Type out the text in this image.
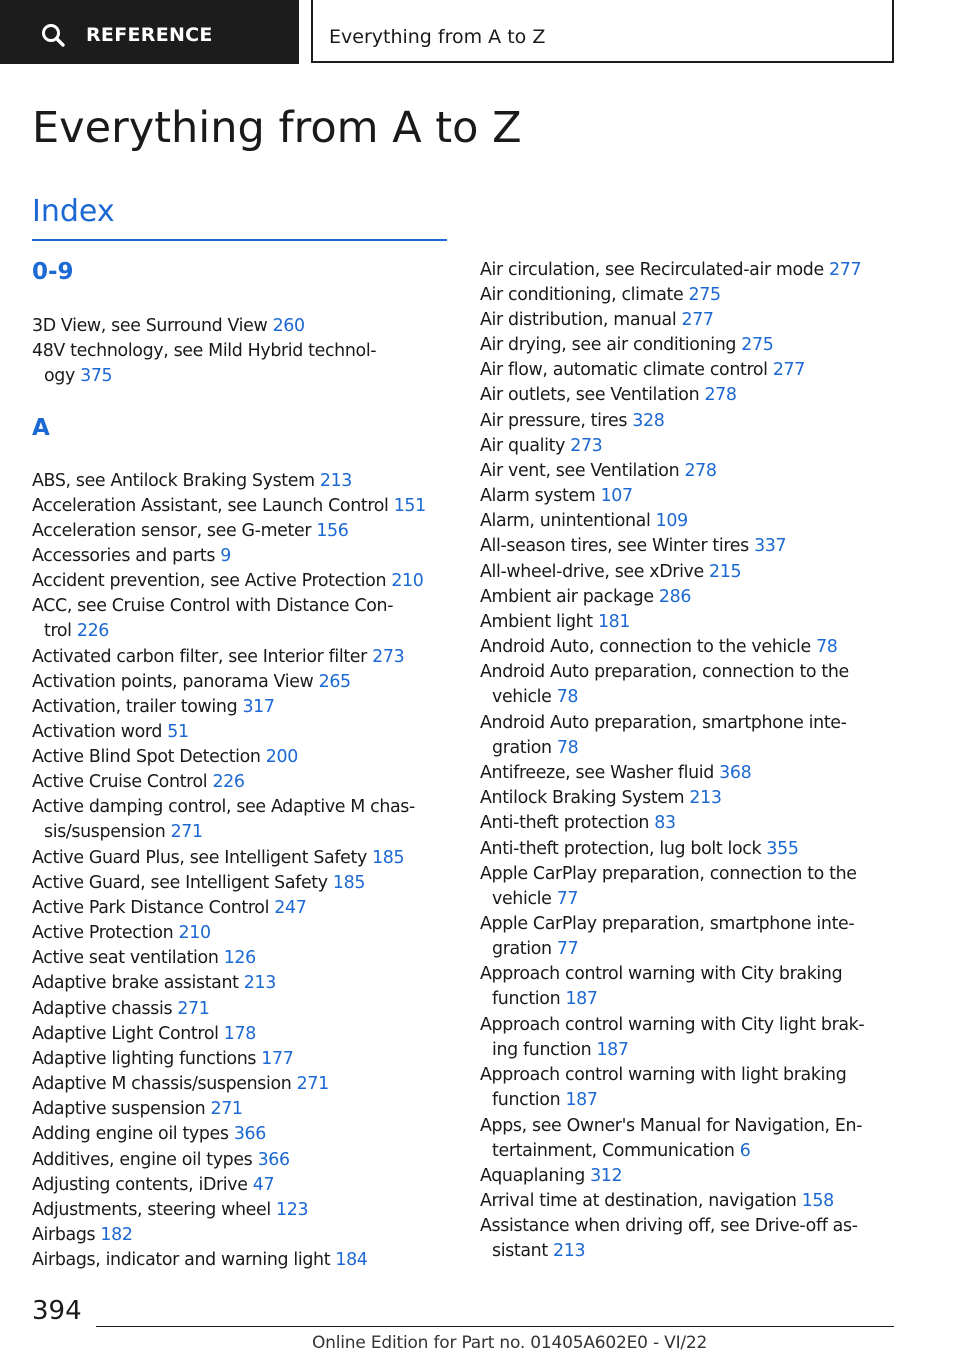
REFERENCE	Everything from A to Z
Everything from A to Z
Index
0-9
3D View, see Surround View 260
48V technology, see Mild Hybrid technol-
ogy 375
A
ABS, see Antilock Braking System 213
Acceleration Assistant, see Launch Control 151
Acceleration sensor, see G-meter 156
Accessories and parts 9
Accident prevention, see Active Protection 210
ACC, see Cruise Control with Distance Con-
trol 226
Activated carbon filter, see Interior filter 273
Activation points, panorama View 265
Activation, trailer towing 317
Activation word 51
Active Blind Spot Detection 200
Active Cruise Control 226
Active damping control, see Adaptive M chas-
sis/suspension 271
Active Guard Plus, see Intelligent Safety 185
Active Guard, see Intelligent Safety 185
Active Park Distance Control 247
Active Protection 210
Active seat ventilation 126
Adaptive brake assistant 213
Adaptive chassis 271
Adaptive Light Control 178
Adaptive lighting functions 177
Adaptive M chassis/suspension 271
Adaptive suspension 271
Adding engine oil types 366
Additives, engine oil types 366
Adjusting contents, iDrive 47
Adjustments, steering wheel 123
Airbags 182
Airbags, indicator and warning light 184
Air circulation, see Recirculated-air mode 277
Air conditioning, climate 275
Air distribution, manual 277
Air drying, see air conditioning 275
Air flow, automatic climate control 277
Air outlets, see Ventilation 278
Air pressure, tires 328
Air quality 273
Air vent, see Ventilation 278
Alarm system 107
Alarm, unintentional 109
All-season tires, see Winter tires 337
All-wheel-drive, see xDrive 215
Ambient air package 286
Ambient light 181
Android Auto, connection to the vehicle 78
Android Auto preparation, connection to the
vehicle 78
Android Auto preparation, smartphone inte-
gration 78
Antifreeze, see Washer fluid 368
Antilock Braking System 213
Anti-theft protection 83
Anti-theft protection, lug bolt lock 355
Apple CarPlay preparation, connection to the
vehicle 77
Apple CarPlay preparation, smartphone inte-
gration 77
Approach control warning with City braking
function 187
Approach control warning with City light brak-
ing function 187
Approach control warning with light braking
function 187
Apps, see Owner's Manual for Navigation, En-
tertainment, Communication 6
Aquaplaning 312
Arrival time at destination, navigation 158
Assistance when driving off, see Drive-off as-
sistant 213
394
Online Edition for Part no. 01405A602E0 - VI/22
